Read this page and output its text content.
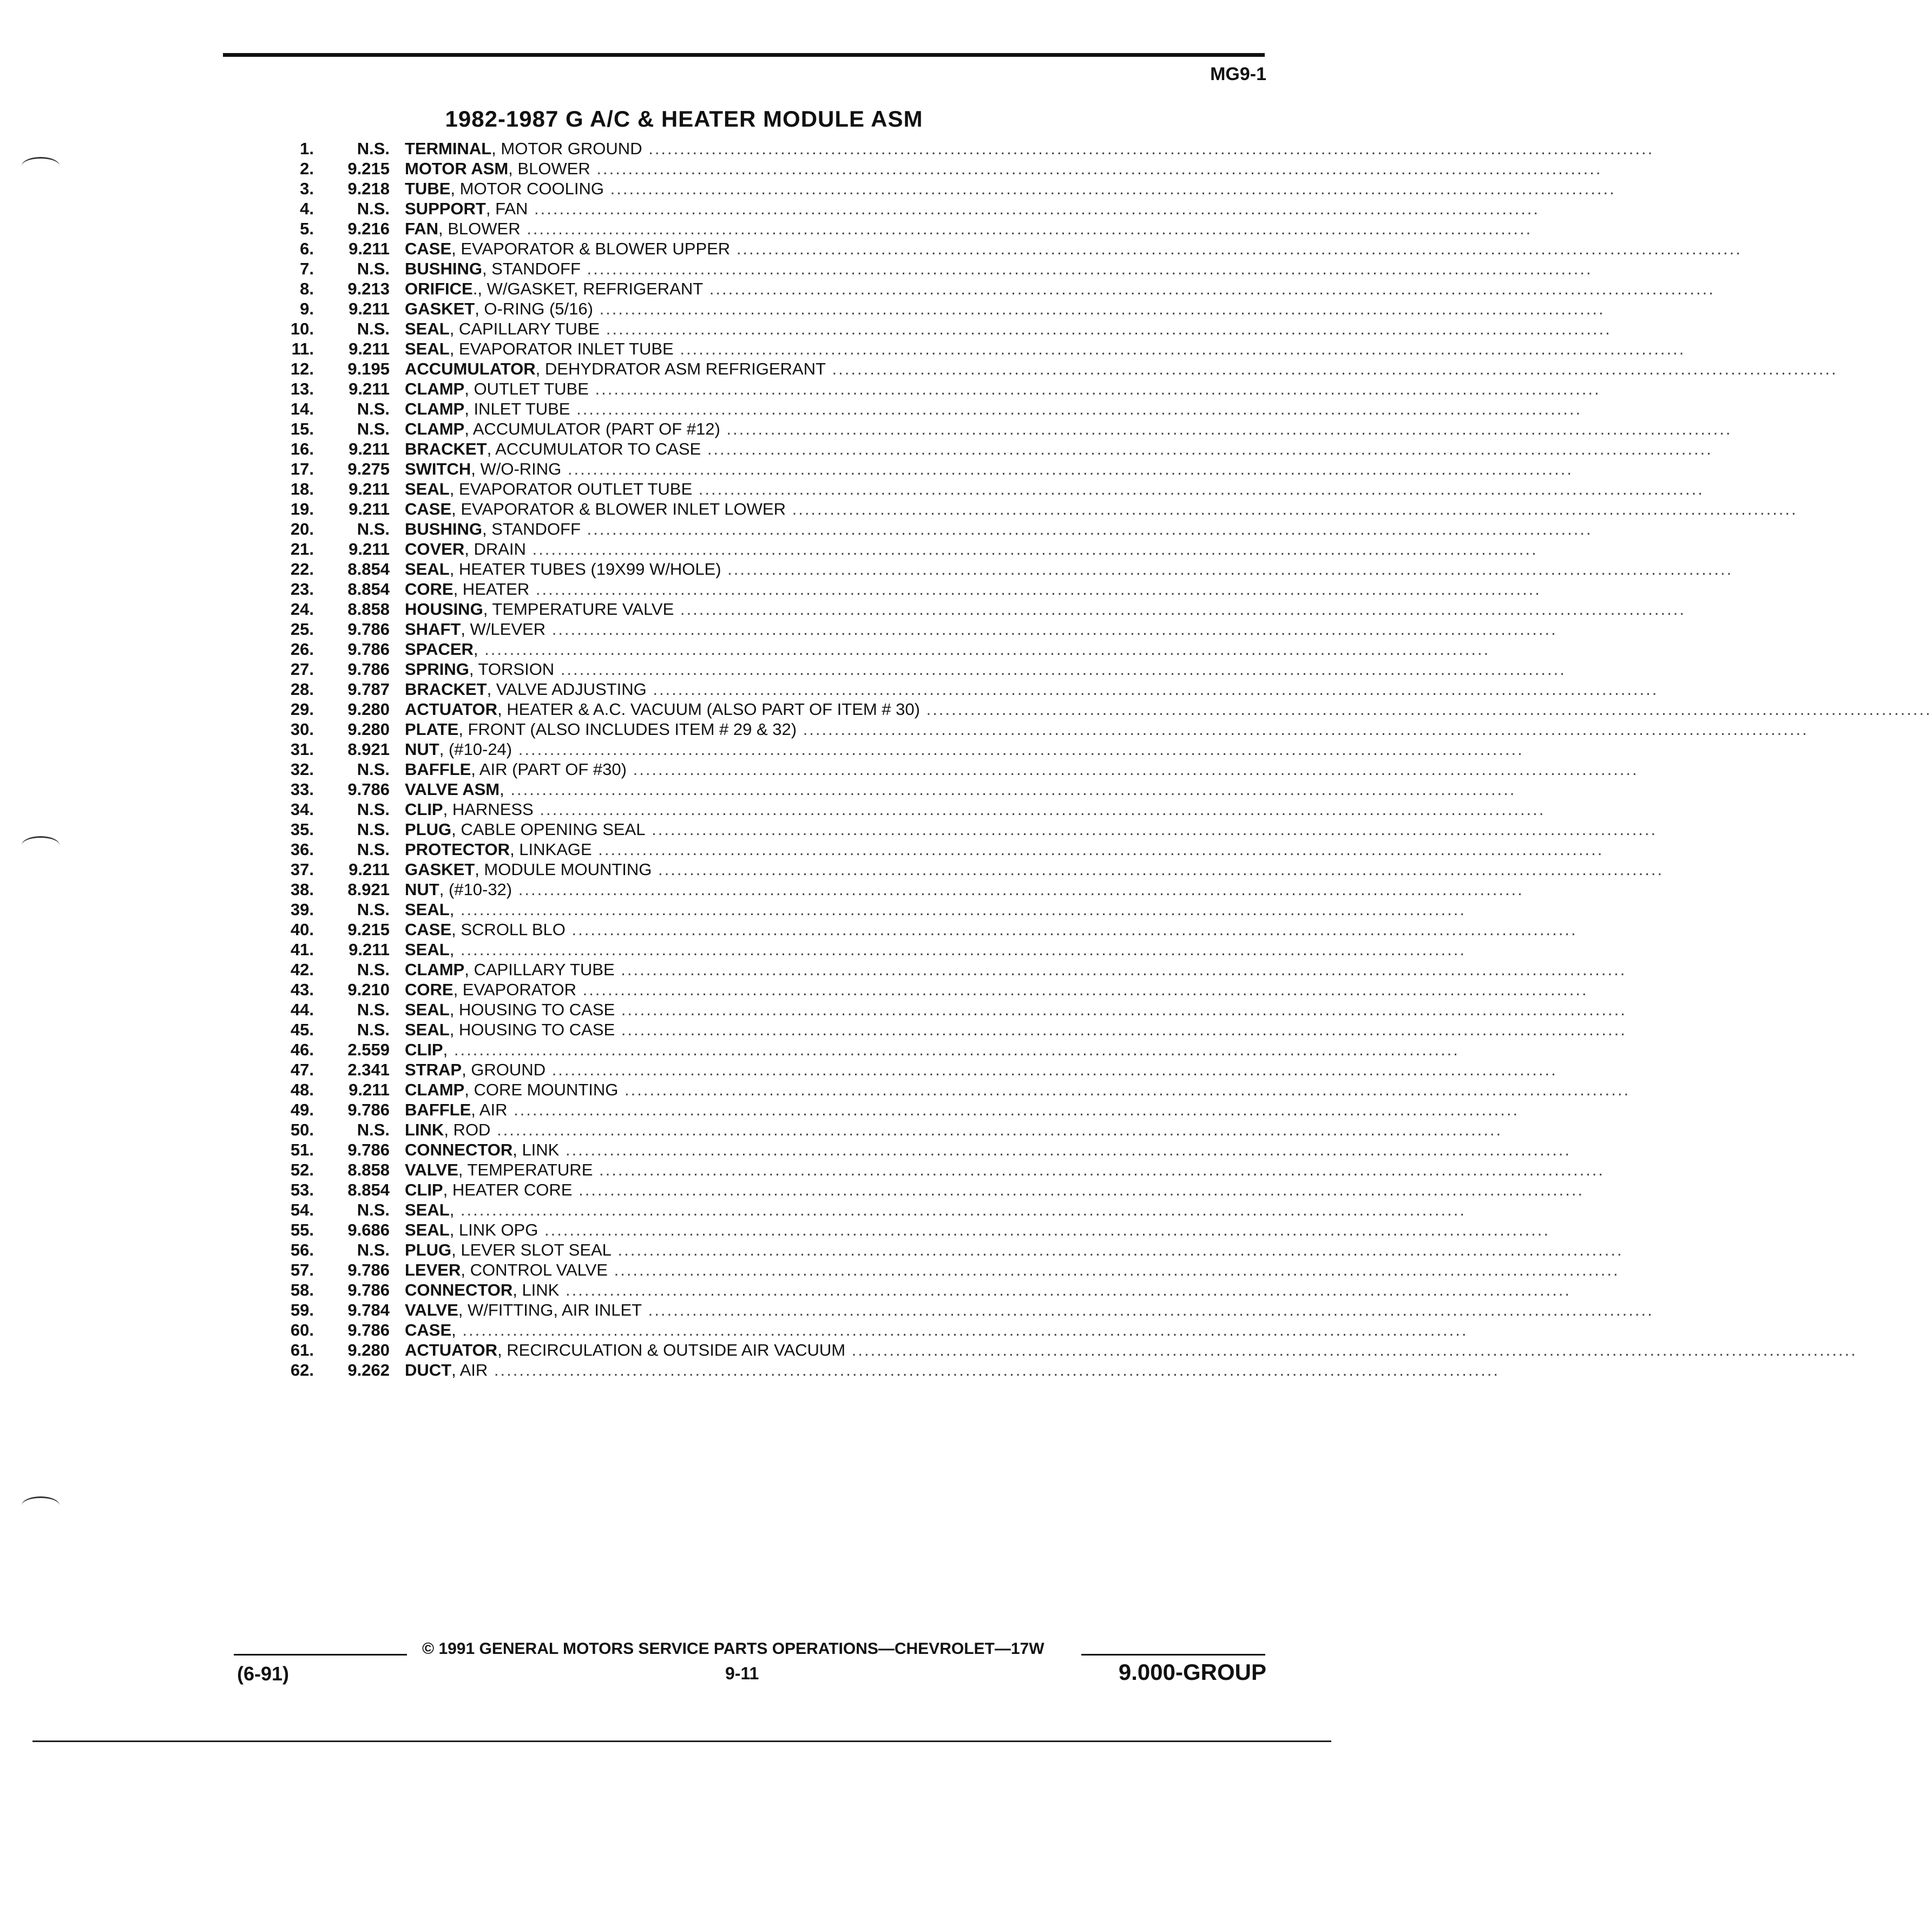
MG9-1
1982-1987 G A/C & HEATER MODULE ASM
1.	N.S. TERMINAL, MOTOR GROUND ................................................................................................................................................................
2.	9.215 MOTOR ASM, BLOWER ................................................................................................................................................................
3.	9.218 TUBE, MOTOR COOLING ................................................................................................................................................................
4.	N.S. SUPPORT, FAN ................................................................................................................................................................
5.	9.216 FAN, BLOWER ................................................................................................................................................................
6.	9.211 CASE, EVAPORATOR & BLOWER UPPER ................................................................................................................................................................
7.	N.S. BUSHING, STANDOFF ................................................................................................................................................................
8.	9.213 ORIFICE., W/GASKET, REFRIGERANT ................................................................................................................................................................
9.	9.211 GASKET, O-RING (5/16) ................................................................................................................................................................
10.	N.S. SEAL, CAPILLARY TUBE ................................................................................................................................................................
11.	9.211 SEAL, EVAPORATOR INLET TUBE ................................................................................................................................................................
12.	9.195 ACCUMULATOR, DEHYDRATOR ASM REFRIGERANT ................................................................................................................................................................
13.	9.211 CLAMP, OUTLET TUBE ................................................................................................................................................................
14.	N.S. CLAMP, INLET TUBE ................................................................................................................................................................
15.	N.S. CLAMP, ACCUMULATOR (PART OF #12) ................................................................................................................................................................
16.	9.211 BRACKET, ACCUMULATOR TO CASE ................................................................................................................................................................
17.	9.275 SWITCH, W/O-RING ................................................................................................................................................................
18.	9.211 SEAL, EVAPORATOR OUTLET TUBE ................................................................................................................................................................
19.	9.211 CASE, EVAPORATOR & BLOWER INLET LOWER ................................................................................................................................................................
20.	N.S. BUSHING, STANDOFF ................................................................................................................................................................
21.	9.211 COVER, DRAIN ................................................................................................................................................................
22.	8.854 SEAL, HEATER TUBES (19X99 W/HOLE) ................................................................................................................................................................
23.	8.854 CORE, HEATER ................................................................................................................................................................
24.	8.858 HOUSING, TEMPERATURE VALVE ................................................................................................................................................................
25.	9.786 SHAFT, W/LEVER ................................................................................................................................................................
26.	9.786 SPACER, ................................................................................................................................................................
27.	9.786 SPRING, TORSION ................................................................................................................................................................
28.	9.787 BRACKET, VALVE ADJUSTING ................................................................................................................................................................
29.	9.280 ACTUATOR, HEATER & A.C. VACUUM (ALSO PART OF ITEM # 30) ................................................................................................................................................................
30.	9.280 PLATE, FRONT (ALSO INCLUDES ITEM # 29 & 32) ................................................................................................................................................................
31.	8.921 NUT, (#10-24) ................................................................................................................................................................
32.	N.S. BAFFLE, AIR (PART OF #30) ................................................................................................................................................................
33.	9.786 VALVE ASM, ................................................................................................................................................................
34.	N.S. CLIP, HARNESS ................................................................................................................................................................
35.	N.S. PLUG, CABLE OPENING SEAL ................................................................................................................................................................
36.	N.S. PROTECTOR, LINKAGE ................................................................................................................................................................
37.	9.211 GASKET, MODULE MOUNTING ................................................................................................................................................................
38.	8.921 NUT, (#10-32) ................................................................................................................................................................
39.	N.S. SEAL, ................................................................................................................................................................
40.	9.215 CASE, SCROLL BLO ................................................................................................................................................................
41.	9.211 SEAL, ................................................................................................................................................................
42.	N.S. CLAMP, CAPILLARY TUBE ................................................................................................................................................................
43.	9.210 CORE, EVAPORATOR ................................................................................................................................................................
44.	N.S. SEAL, HOUSING TO CASE ................................................................................................................................................................
45.	N.S. SEAL, HOUSING TO CASE ................................................................................................................................................................
46.	2.559 CLIP, ................................................................................................................................................................
47.	2.341 STRAP, GROUND ................................................................................................................................................................
48.	9.211 CLAMP, CORE MOUNTING ................................................................................................................................................................
49.	9.786 BAFFLE, AIR ................................................................................................................................................................
50.	N.S. LINK, ROD ................................................................................................................................................................
51.	9.786 CONNECTOR, LINK ................................................................................................................................................................
52.	8.858 VALVE, TEMPERATURE ................................................................................................................................................................
53.	8.854 CLIP, HEATER CORE ................................................................................................................................................................
54.	N.S. SEAL, ................................................................................................................................................................
55.	9.686 SEAL, LINK OPG ................................................................................................................................................................
56.	N.S. PLUG, LEVER SLOT SEAL ................................................................................................................................................................
57.	9.786 LEVER, CONTROL VALVE ................................................................................................................................................................
58.	9.786 CONNECTOR, LINK ................................................................................................................................................................
59.	9.784 VALVE, W/FITTING, AIR INLET ................................................................................................................................................................
60.	9.786 CASE, ................................................................................................................................................................
61.	9.280 ACTUATOR, RECIRCULATION & OUTSIDE AIR VACUUM ................................................................................................................................................................
62.	9.262 DUCT, AIR ................................................................................................................................................................
© 1991 GENERAL MOTORS SERVICE PARTS OPERATIONS—CHEVROLET—17W
(6-91)	9-11	9.000-GROUP
